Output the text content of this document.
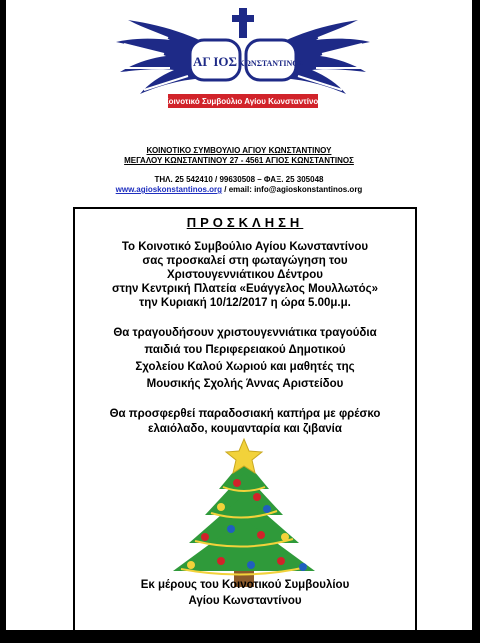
ΑΓ ΙΟΣ ΚΩΝΣΤΑΝΤΙΝΟΣ
Κοινοτικό Συμβούλιο Αγίου Κωνσταντίνου
ΚΟΙΝΟΤΙΚΟ ΣΥΜΒΟΥΛΙΟ ΑΓΙΟΥ ΚΩΝΣΤΑΝΤΙΝΟΥ
ΜΕΓΑΛΟΥ ΚΩΝΣΤΑΝΤΙΝΟΥ 27 - 4561 ΑΓΙΟΣ ΚΩΝΣΤΑΝΤΙΝΟΣ
ΤΗΛ. 25 542410 / 99630508 – ΦΑΞ. 25 305048
www.agioskonstantinos.org / email: info@agioskonstantinos.org
ΠΡΟΣΚΛΗΣΗ
Το Κοινοτικό Συμβούλιο Αγίου Κωνσταντίνου
σας προσκαλεί στη φωταγώγηση του
Χριστουγεννιάτικου Δέντρου
στην Κεντρική Πλατεία «Ευάγγελος Μουλλωτός»
την Κυριακή 10/12/2017 η ώρα 5.00μ.μ.
Θα τραγουδήσουν χριστουγεννιάτικα τραγούδια
παιδιά του Περιφερειακού Δημοτικού
Σχολείου Καλού Χωριού και μαθητές της
Μουσικής Σχολής Άννας Αριστείδου
Θα προσφερθεί παραδοσιακή καπήρα με φρέσκο
ελαιόλαδο, κουμανταρία και ζιβανία
Εκ μέρους του Κοινοτικού Συμβουλίου
Αγίου Κωνσταντίνου
